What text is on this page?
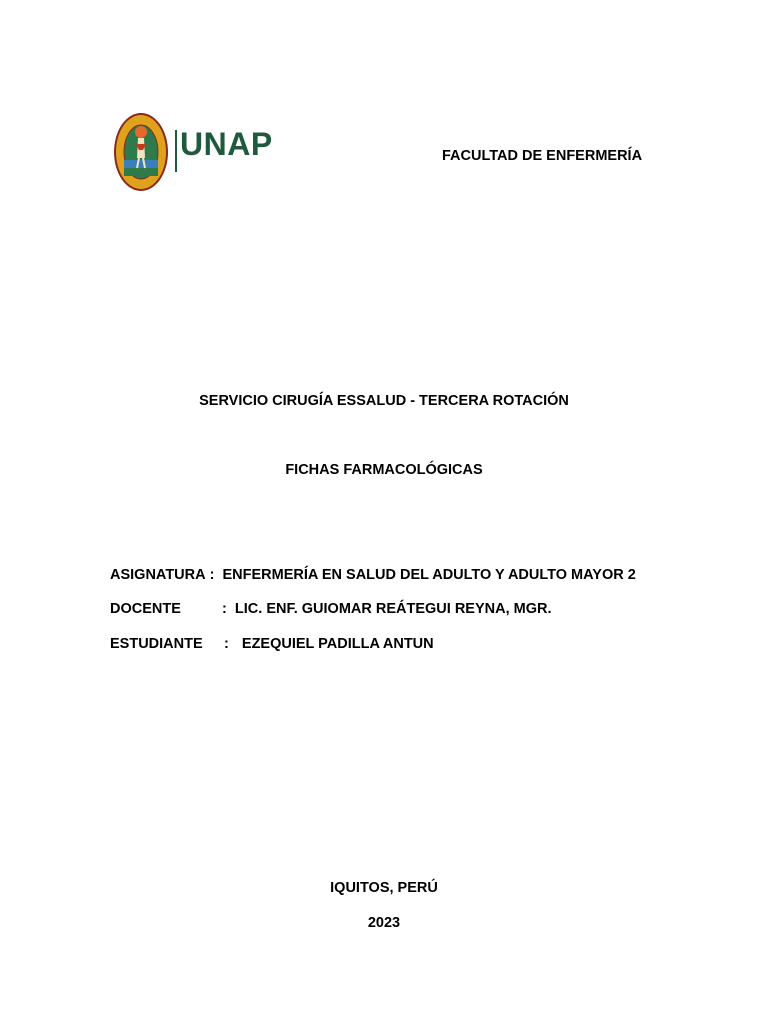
UNAP	FACULTAD DE ENFERMERÍA
SERVICIO CIRUGÍA ESSALUD - TERCERA ROTACIÓN
FICHAS FARMACOLÓGICAS
ASIGNATURA : ENFERMERÍA EN SALUD DEL ADULTO Y ADULTO MAYOR 2
DOCENTE	: LIC. ENF. GUIOMAR REÁTEGUI REYNA, MGR.
ESTUDIANTE : EZEQUIEL PADILLA ANTUN
IQUITOS, PERÚ
2023
